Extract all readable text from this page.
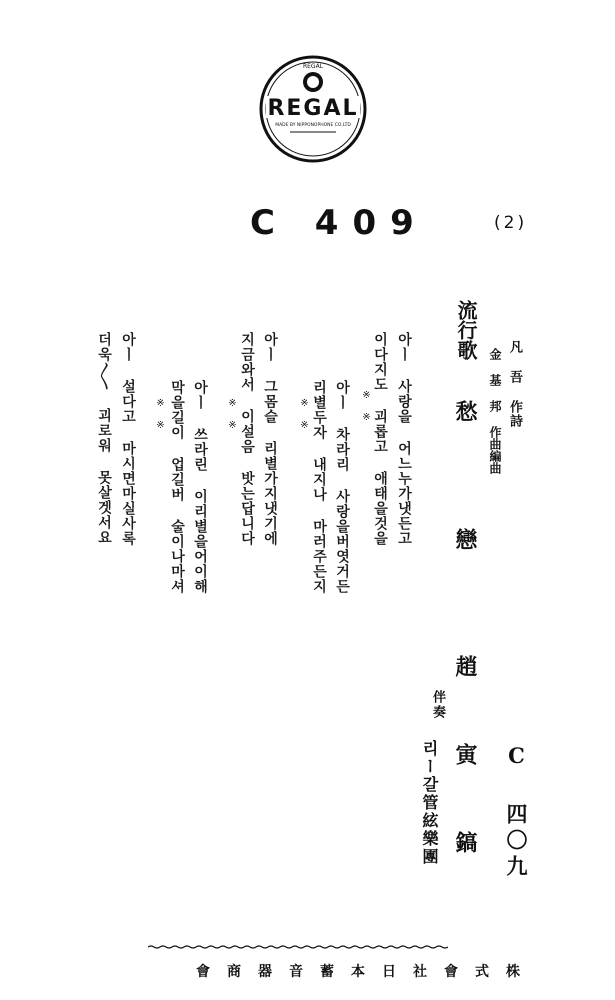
REGAL
REGAL
MADE BY NIPPONOPHONE CO.LTD
C 409	(2)
流行歌
凡 吾 作詩
金 基 邦 作曲編曲
愁 戀
趙 寅 鎬
伴奏
리ー갈管絃樂團	C 四〇九
아ㅣ 사랑을 어느누가냇든고
이다지도 괴롭고 애태을것을
※ ※
아ㅣ 차라리 사랑을버엿거든
리별두자 내지나 마러주든지
※ ※
아ㅣ 그몸슬 리별가지냇기에
지금와서 이설음 밧는답니다
※ ※
아ㅣ 쓰라린 이리별을어이해
막을길이 업길버 술이나마셔
※ ※
아ㅣ 설다고 마시면마실사록
더욱〱 괴로워 못살겟서요
株式會社日本蓄音器商會
